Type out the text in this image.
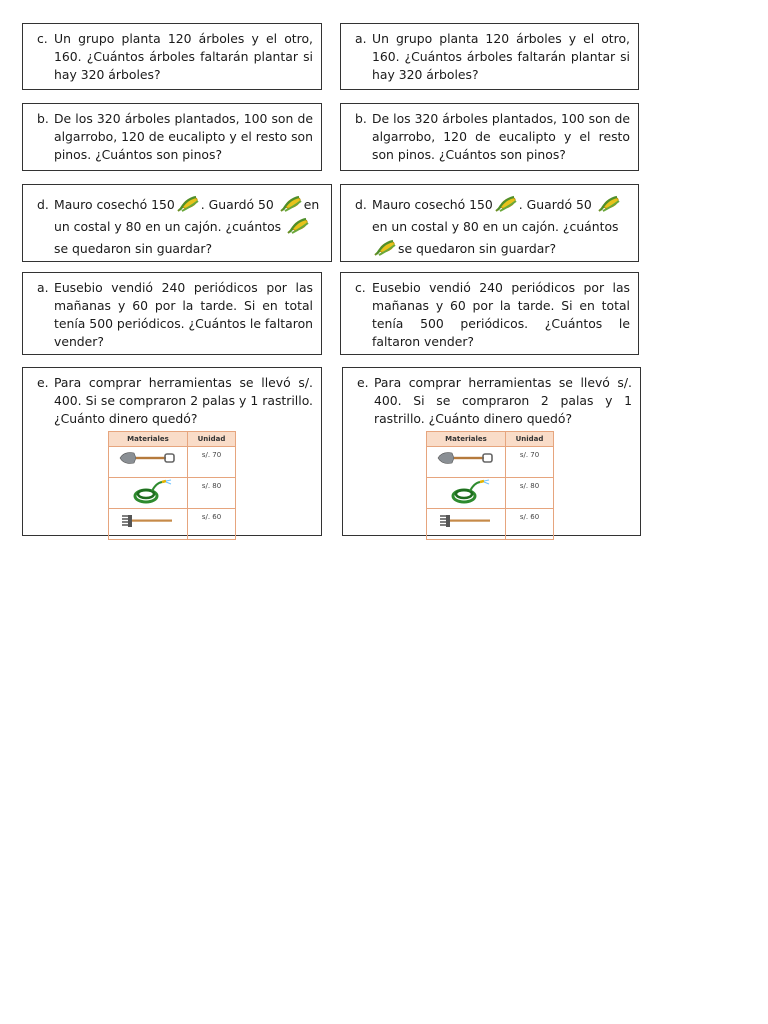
c. Un grupo planta 120 árboles y el otro, 160. ¿Cuántos árboles faltarán plantar si hay 320 árboles?
a. Un grupo planta 120 árboles y el otro, 160. ¿Cuántos árboles faltarán plantar si hay 320 árboles?
b. De los 320 árboles plantados, 100 son de algarrobo, 120 de eucalipto y el resto son pinos. ¿Cuántos son pinos?
b. De los 320 árboles plantados, 100 son de algarrobo, 120 de eucalipto y el resto son pinos. ¿Cuántos son pinos?
d. Mauro cosechó 150 . Guardó 50 en un costal y 80 en un cajón. ¿cuántos se quedaron sin guardar?
d. Mauro cosechó 150 . Guardó 50 en un costal y 80 en un cajón. ¿cuántos se quedaron sin guardar?
a. Eusebio vendió 240 periódicos por las mañanas y 60 por la tarde. Si en total tenía 500 periódicos. ¿Cuántos le faltaron vender?
c. Eusebio vendió 240 periódicos por las mañanas y 60 por la tarde. Si en total tenía 500 periódicos. ¿Cuántos le faltaron vender?
e. Para comprar herramientas se llevó s/. 400. Si se compraron 2 palas y 1 rastrillo. ¿Cuánto dinero quedó?
e. Para comprar herramientas se llevó s/. 400. Si se compraron 2 palas y 1 rastrillo. ¿Cuánto dinero quedó?
Materiales	Unidad

	s/. 70

	s/. 80

	s/. 60
Materiales	Unidad

	s/. 70

	s/. 80

	s/. 60
